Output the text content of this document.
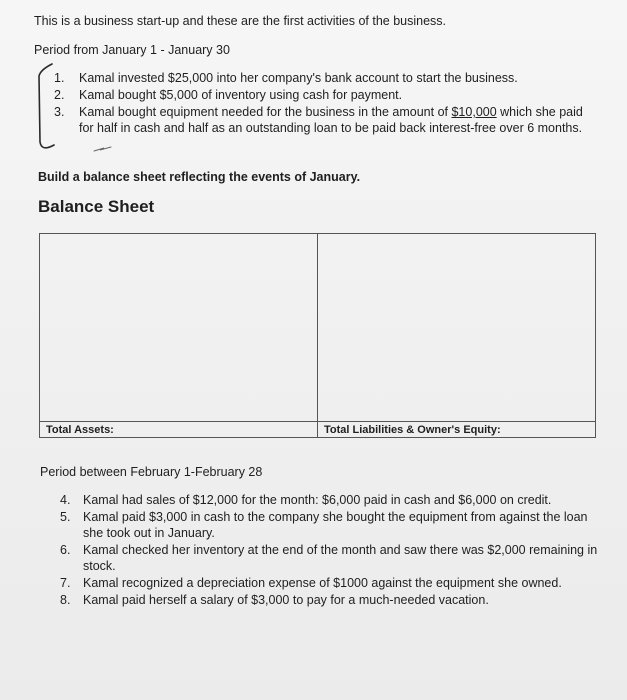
This is a business start-up and these are the first activities of the business.
Period from January 1 - January 30
1.	Kamal invested $25,000 into her company's bank account to start the business.
2.	Kamal bought $5,000 of inventory using cash for payment.
3.	Kamal bought equipment needed for the business in the amount of $10,000 which she paid for half in cash and half as an outstanding loan to be paid back interest-free over 6 months.
Build a balance sheet reflecting the events of January.
Balance Sheet
Total Assets:	Total Liabilities & Owner's Equity:
Period between February 1-February 28
4.	Kamal had sales of $12,000 for the month: $6,000 paid in cash and $6,000 on credit.
5.	Kamal paid $3,000 in cash to the company she bought the equipment from against the loan she took out in January.
6.	Kamal checked her inventory at the end of the month and saw there was $2,000 remaining in stock.
7.	Kamal recognized a depreciation expense of $1000 against the equipment she owned.
8.	Kamal paid herself a salary of $3,000 to pay for a much-needed vacation.
